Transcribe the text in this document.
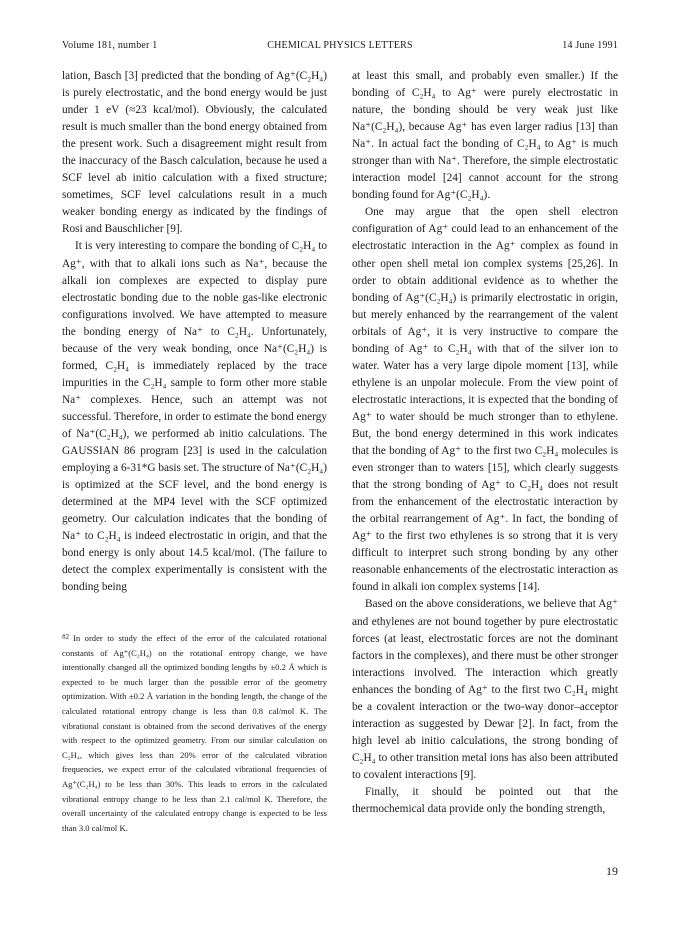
Volume 181, number 1	CHEMICAL PHYSICS LETTERS	14 June 1991

lation, Basch [3] predicted that the bonding of Ag⁺(C₂H₄) is purely electrostatic, and the bond energy would be just under 1 eV (≈23 kcal/mol). Obviously, the calculated result is much smaller than the bond energy obtained from the present work. Such a disagreement might result from the inaccuracy of the Basch calculation, because he used a SCF level ab initio calculation with a fixed structure; sometimes, SCF level calculations result in a much weaker bonding energy as indicated by the findings of Rosi and Bauschlicher [9].

It is very interesting to compare the bonding of C₂H₄ to Ag⁺, with that to alkali ions such as Na⁺, because the alkali ion complexes are expected to display pure electrostatic bonding due to the noble gas-like electronic configurations involved. We have attempted to measure the bonding energy of Na⁺ to C₂H₄. Unfortunately, because of the very weak bonding, once Na⁺(C₂H₄) is formed, C₂H₄ is immediately replaced by the trace impurities in the C₂H₄ sample to form other more stable Na⁺ complexes. Hence, such an attempt was not successful. Therefore, in order to estimate the bond energy of Na⁺(C₂H₄), we performed ab initio calculations. The GAUSSIAN 86 program [23] is used in the calculation employing a 6-31*G basis set. The structure of Na⁺(C₂H₄) is optimized at the SCF level, and the bond energy is determined at the MP4 level with the SCF optimized geometry. Our calculation indicates that the bonding of Na⁺ to C₂H₄ is indeed electrostatic in origin, and that the bond energy is only about 14.5 kcal/mol. (The failure to detect the complex experimentally is consistent with the bonding being

$^{\#2}$ In order to study the effect of the error of the calculated rotational constants of Ag⁺(C₂H₄) on the rotational entropy change, we have intentionally changed all the optimized bonding lengths by ±0.2 Å which is expected to be much larger than the possible error of the geometry optimization. With ±0.2 Å variation in the bonding length, the change of the calculated rotational entropy change is less than 0.8 cal/mol K. The vibrational constant is obtained from the second derivatives of the energy with respect to the optimized geometry. From our similar calculation on C₂H₄, which gives less than 20% error of the calculated vibration frequencies, we expect error of the calculated vibrational frequencies of Ag⁺(C₂H₄) to be less than 30%. This leads to errors in the calculated vibrational entropy change to be less than 2.1 cal/mol K. Therefore, the overall uncertainty of the calculated entropy change is expected to be less than 3.0 cal/mol K.

at least this small, and probably even smaller.) If the bonding of C₂H₄ to Ag⁺ were purely electrostatic in nature, the bonding should be very weak just like Na⁺(C₂H₄), because Ag⁺ has even larger radius [13] than Na⁺. In actual fact the bonding of C₂H₄ to Ag⁺ is much stronger than with Na⁺. Therefore, the simple electrostatic interaction model [24] cannot account for the strong bonding found for Ag⁺(C₂H₄).

One may argue that the open shell electron configuration of Ag⁺ could lead to an enhancement of the electrostatic interaction in the Ag⁺ complex as found in other open shell metal ion complex systems [25,26]. In order to obtain additional evidence as to whether the bonding of Ag⁺(C₂H₄) is primarily electrostatic in origin, but merely enhanced by the rearrangement of the valent orbitals of Ag⁺, it is very instructive to compare the bonding of Ag⁺ to C₂H₄ with that of the silver ion to water. Water has a very large dipole moment [13], while ethylene is an unpolar molecule. From the view point of electrostatic interactions, it is expected that the bonding of Ag⁺ to water should be much stronger than to ethylene. But, the bond energy determined in this work indicates that the bonding of Ag⁺ to the first two C₂H₄ molecules is even stronger than to waters [15], which clearly suggests that the strong bonding of Ag⁺ to C₂H₄ does not result from the enhancement of the electrostatic interaction by the orbital rearrangement of Ag⁺. In fact, the bonding of Ag⁺ to the first two ethylenes is so strong that it is very difficult to interpret such strong bonding by any other reasonable enhancements of the electrostatic interaction as found in alkali ion complex systems [14].

Based on the above considerations, we believe that Ag⁺ and ethylenes are not bound together by pure electrostatic forces (at least, electrostatic forces are not the dominant factors in the complexes), and there must be other stronger interactions involved. The interaction which greatly enhances the bonding of Ag⁺ to the first two C₂H₄ might be a covalent interaction or the two-way donor–acceptor interaction as suggested by Dewar [2]. In fact, from the high level ab initio calculations, the strong bonding of C₂H₄ to other transition metal ions has also been attributed to covalent interactions [9].

Finally, it should be pointed out that the thermochemical data provide only the bonding strength,

19
